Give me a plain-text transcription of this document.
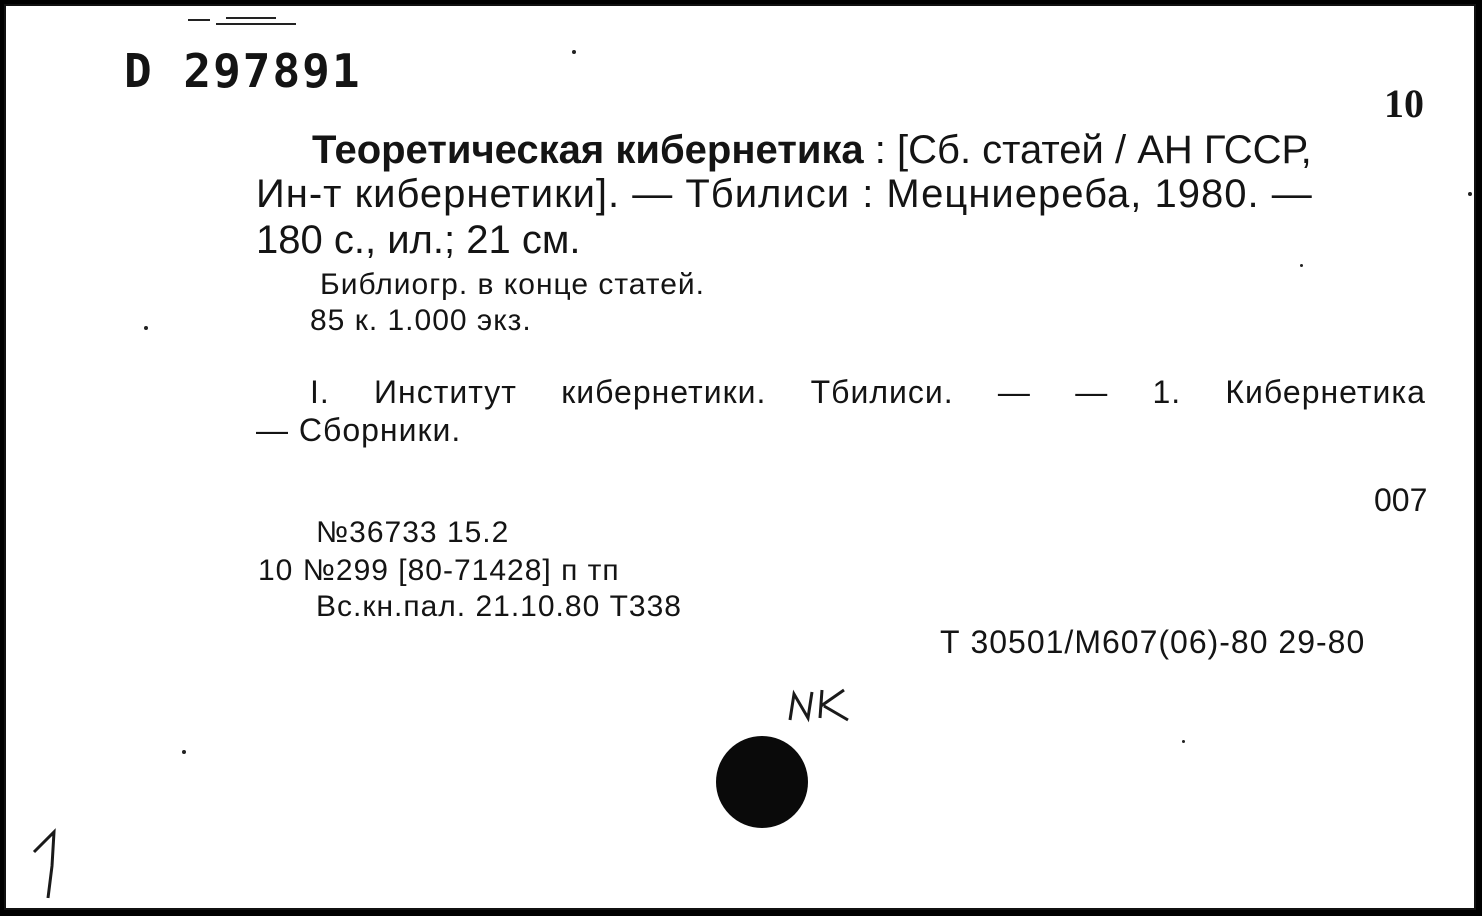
D 297891
10
Теоретическая кибернетика : [Сб. статей / АН ГССР,
Ин-т кибернетики]. — Тбилиси : Мецниереба, 1980. —
180 с., ил.; 21 см.
Библиогр. в конце статей.
85 к. 1.000 экз.
I. Институт кибернетики. Тбилиси. — — 1. Кибернетика
— Сборники.
007
№36733 15.2
10 №299 [80-71428] п тп
Вс.кн.пал. 21.10.80 Т338
Т 30501/М607(06)-80 29-80
